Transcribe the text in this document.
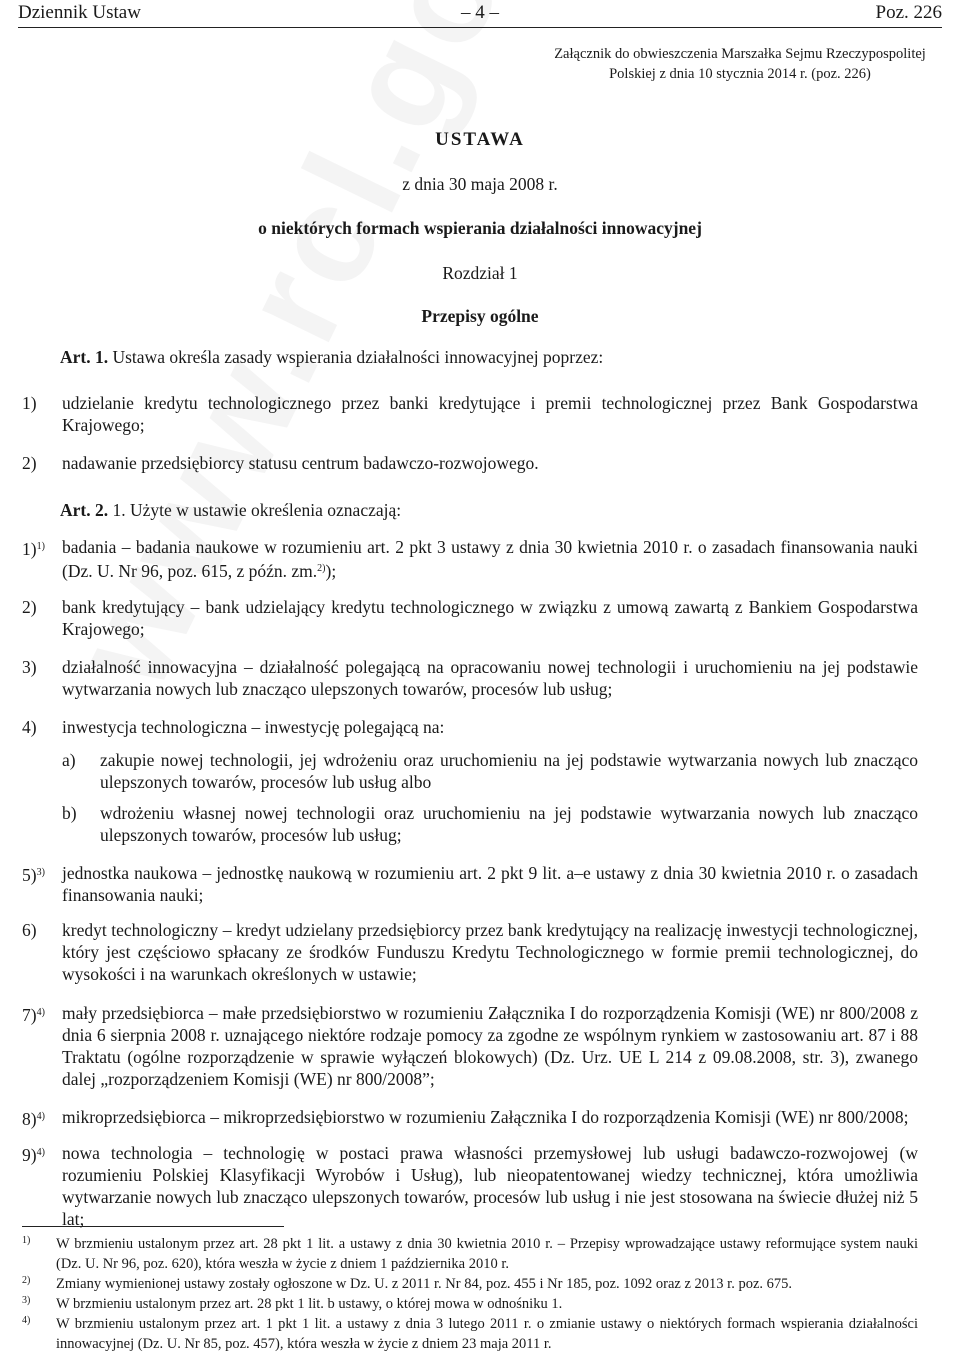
Dziennik Ustaw	– 4 –	Poz. 226
Załącznik do obwieszczenia Marszałka Sejmu Rzeczypospolitej Polskiej z dnia 10 stycznia 2014 r. (poz. 226)
USTAWA
z dnia 30 maja 2008 r.
o niektórych formach wspierania działalności innowacyjnej
Rozdział 1
Przepisy ogólne
Art. 1. Ustawa określa zasady wspierania działalności innowacyjnej poprzez:
1) udzielanie kredytu technologicznego przez banki kredytujące i premii technologicznej przez Bank Gospodarstwa Krajowego;
2) nadawanie przedsiębiorcy statusu centrum badawczo-rozwojowego.
Art. 2. 1. Użyte w ustawie określenia oznaczają:
1)$^{1)}$ badania – badania naukowe w rozumieniu art. 2 pkt 3 ustawy z dnia 30 kwietnia 2010 r. o zasadach finansowania nauki (Dz. U. Nr 96, poz. 615, z późn. zm.$^{2)}$);
2) bank kredytujący – bank udzielający kredytu technologicznego w związku z umową zawartą z Bankiem Gospodarstwa Krajowego;
3) działalność innowacyjna – działalność polegającą na opracowaniu nowej technologii i uruchomieniu na jej podstawie wytwarzania nowych lub znacząco ulepszonych towarów, procesów lub usług;
4) inwestycja technologiczna – inwestycję polegającą na:
a) zakupie nowej technologii, jej wdrożeniu oraz uruchomieniu na jej podstawie wytwarzania nowych lub znacząco ulepszonych towarów, procesów lub usług albo
b) wdrożeniu własnej nowej technologii oraz uruchomieniu na jej podstawie wytwarzania nowych lub znacząco ulepszonych towarów, procesów lub usług;
5)$^{3)}$ jednostka naukowa – jednostkę naukową w rozumieniu art. 2 pkt 9 lit. a–e ustawy z dnia 30 kwietnia 2010 r. o zasadach finansowania nauki;
6) kredyt technologiczny – kredyt udzielany przedsiębiorcy przez bank kredytujący na realizację inwestycji technologicznej, który jest częściowo spłacany ze środków Funduszu Kredytu Technologicznego w formie premii technologicznej, do wysokości i na warunkach określonych w ustawie;
7)$^{4)}$ mały przedsiębiorca – małe przedsiębiorstwo w rozumieniu Załącznika I do rozporządzenia Komisji (WE) nr 800/2008 z dnia 6 sierpnia 2008 r. uznającego niektóre rodzaje pomocy za zgodne ze wspólnym rynkiem w zastosowaniu art. 87 i 88 Traktatu (ogólne rozporządzenie w sprawie wyłączeń blokowych) (Dz. Urz. UE L 214 z 09.08.2008, str. 3), zwanego dalej „rozporządzeniem Komisji (WE) nr 800/2008”;
8)$^{4)}$ mikroprzedsiębiorca – mikroprzedsiębiorstwo w rozumieniu Załącznika I do rozporządzenia Komisji (WE) nr 800/2008;
9)$^{4)}$ nowa technologia – technologię w postaci prawa własności przemysłowej lub usługi badawczo-rozwojowej (w rozumieniu Polskiej Klasyfikacji Wyrobów i Usług), lub nieopatentowanej wiedzy technicznej, która umożliwia wytwarzanie nowych lub znacząco ulepszonych towarów, procesów lub usług i nie jest stosowana na świecie dłużej niż 5 lat;
1) W brzmieniu ustalonym przez art. 28 pkt 1 lit. a ustawy z dnia 30 kwietnia 2010 r. – Przepisy wprowadzające ustawy reformujące system nauki (Dz. U. Nr 96, poz. 620), która weszła w życie z dniem 1 października 2010 r.
2) Zmiany wymienionej ustawy zostały ogłoszone w Dz. U. z 2011 r. Nr 84, poz. 455 i Nr 185, poz. 1092 oraz z 2013 r. poz. 675.
3) W brzmieniu ustalonym przez art. 28 pkt 1 lit. b ustawy, o której mowa w odnośniku 1.
4) W brzmieniu ustalonym przez art. 1 pkt 1 lit. a ustawy z dnia 3 lutego 2011 r. o zmianie ustawy o niektórych formach wspierania działalności innowacyjnej (Dz. U. Nr 85, poz. 457), która weszła w życie z dniem 23 maja 2011 r.
